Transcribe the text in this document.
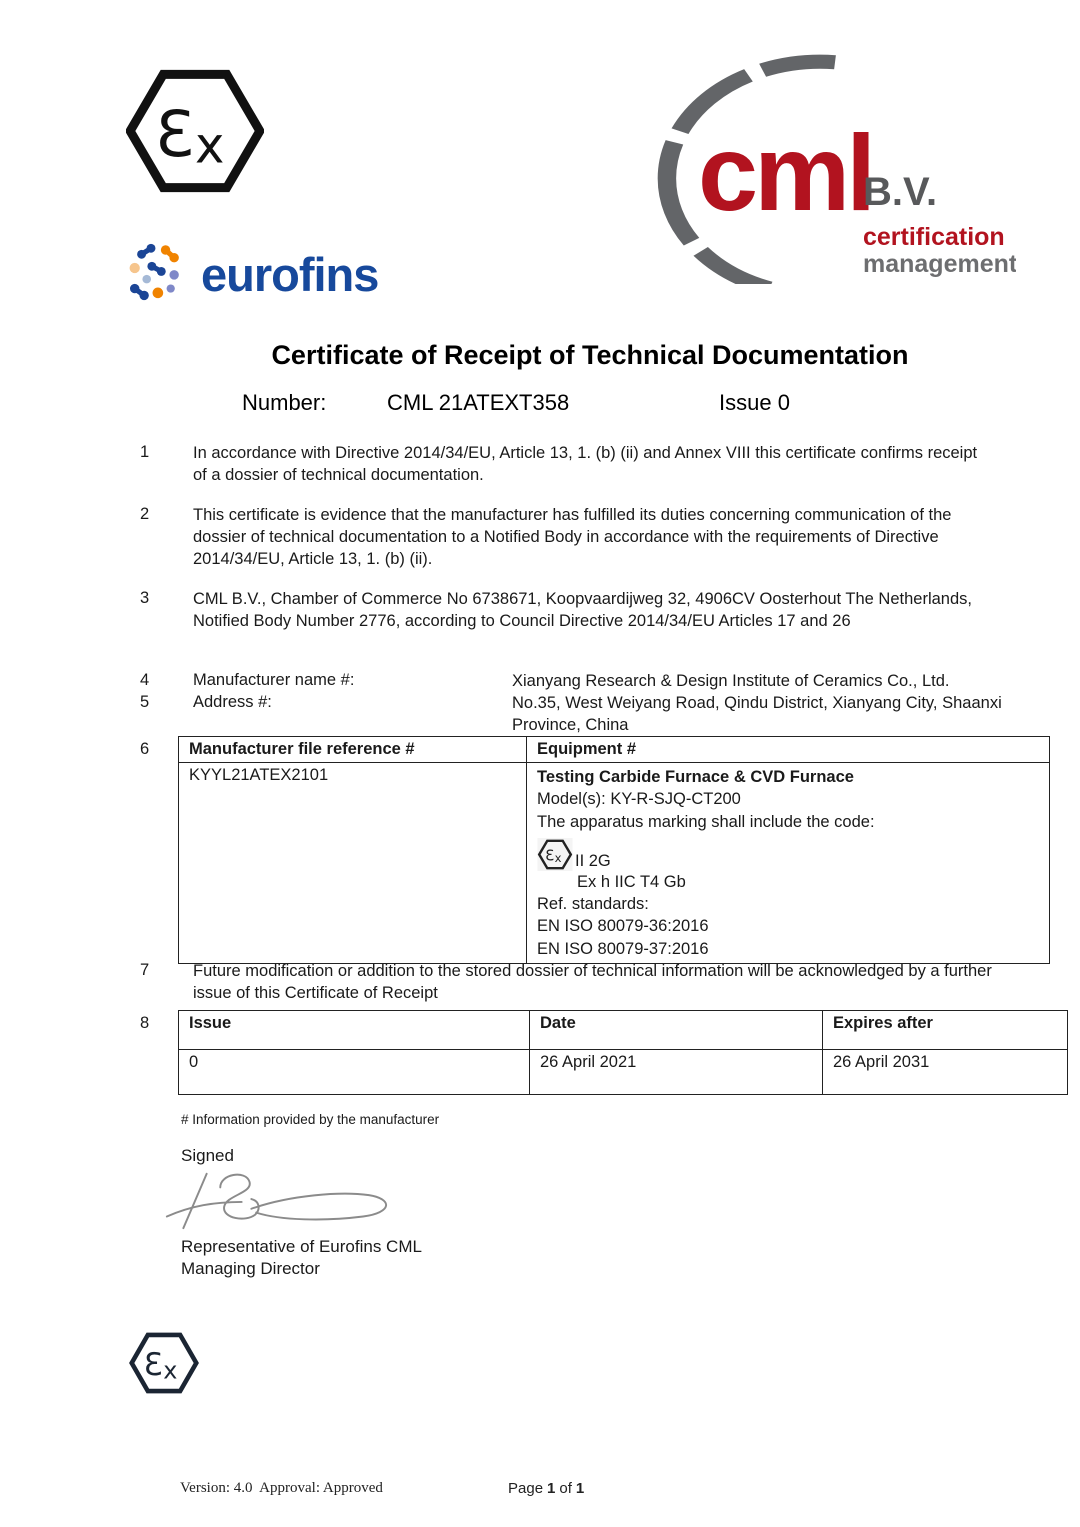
Ɛ x
eurofins
cml
B.V.
certification
management
Certificate of Receipt of Technical Documentation
Number:	CML 21ATEXT358	Issue 0
1	In accordance with Directive 2014/34/EU, Article 13, 1. (b) (ii) and Annex VIII this certificate confirms receipt of a dossier of technical documentation.
2	This certificate is evidence that the manufacturer has fulfilled its duties concerning communication of the dossier of technical documentation to a Notified Body in accordance with the requirements of Directive 2014/34/EU, Article 13, 1. (b) (ii).
3	CML B.V., Chamber of Commerce No 6738671, Koopvaardijweg 32, 4906CV Oosterhout The Netherlands, Notified Body Number 2776, according to Council Directive 2014/34/EU Articles 17 and 26
4	Manufacturer name #:	Xianyang Research & Design Institute of Ceramics Co., Ltd.
5	Address #:	No.35, West Weiyang Road, Qindu District, Xianyang City, Shaanxi Province, China
6 Manufacturer file reference #	Equipment #
KYYL21ATEX2101	Testing Carbide Furnace & CVD Furnace
Model(s): KY-R-SJQ-CT200
The apparatus marking shall include the code:
Ɛ x II 2G
Ex h IIC T4 Gb
Ref. standards:
EN ISO 80079-36:2016
EN ISO 80079-37:2016
7	Future modification or addition to the stored dossier of technical information will be acknowledged by a further issue of this Certificate of Receipt
8 Issue	Date	Expires after
0	26 April 2021	26 April 2031
# Information provided by the manufacturer
Signed
Representative of Eurofins CML
Managing Director
Ɛ x
Version: 4.0  Approval: Approved	Page 1 of 1
